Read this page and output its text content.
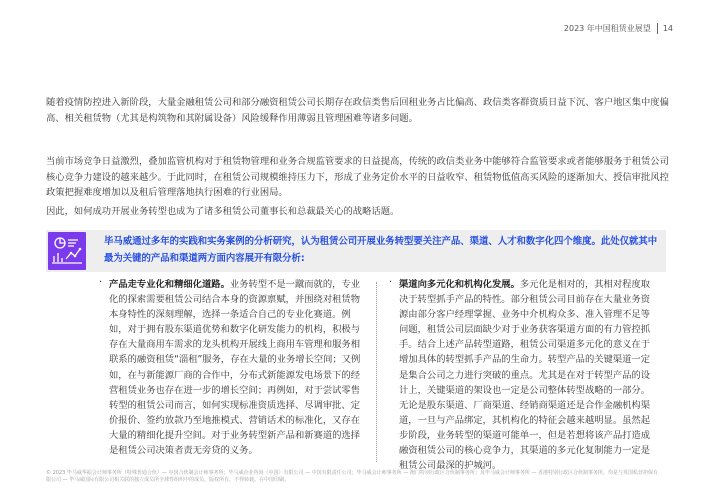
2023 年中国租赁业展望 14

随着疫情防控进入新阶段，大量金融租赁公司和部分融资租赁公司长期存在政信类售后回租业务占比偏高、政信类客群资质日益下沉、客户地区集中度偏高、相关租赁物（尤其是构筑物和其附属设备）风险缓释作用薄弱且管理困难等诸多问题。

当前市场竞争日益激烈，叠加监管机构对于租赁物管理和业务合规监管要求的日益提高，传统的政信类业务中能够符合监管要求或者能够服务于租赁公司核心竞争力建设的越来越少。于此同时，在租赁公司规模维持压力下，形成了业务定价水平的日益收窄、租赁物低值高买风险的逐渐加大、授信审批风控政策把握难度增加以及租后管理落地执行困难的行业困局。

因此，如何成功开展业务转型也成为了诸多租赁公司董事长和总裁最关心的战略话题。

毕马威通过多年的实践和实务案例的分析研究，认为租赁公司开展业务转型要关注产品、渠道、人才和数字化四个维度。此处仅就其中最为关键的产品和渠道两方面内容展开有限分析:
· 产品走专业化和精细化道路。业务转型不是一蹴而就的，专业化的探索需要租赁公司结合本身的资源禀赋，并围绕对租赁物本身特性的深刻理解，选择一条适合自己的专业化赛道。例如，对于拥有股东渠道优势和数字化研发能力的机构，积极与存在大量商用车需求的龙头机构开展线上商用车管理和服务相联系的融资租赁“淄租”服务，存在大量的业务增长空间；又例如，在与新能源厂商的合作中，分布式新能源发电场景下的经营租赁业务也存在进一步的增长空间；再例如，对于尝试零售转型的租赁公司而言，如何实现标准资质选择、尽调审批、定价报价、签约放款乃至地推模式、营销话术的标准化，又存在大量的精细化提升空间。对于业务转型新产品和新赛道的选择是租赁公司决策者责无旁贷的义务。
· 渠道向多元化和机构化发展。多元化是相对的，其相对程度取决于转型抓手产品的特性。部分租赁公司目前存在大量业务资源由部分客户经理掌握、业务中介机构众多、准入管理不足等问题，租赁公司层面缺少对于业务获客渠道方面的有力管控抓手。结合上述产品转型道路，租赁公司渠道多元化的意义在于增加具体的转型抓手产品的生命力。转型产品的关键渠道一定是集合公司之力进行突破的重点。尤其是在对于转型产品的设计上，关键渠道的架设也一定是公司整体转型战略的一部分。无论是股东渠道、厂商渠道、经销商渠道还是合作金融机构渠道，一旦与产品绑定，其机构化的特征会越来越明显。虽然起步阶段，业务转型的渠道可能单一，但是若想将该产品打造成融资租赁公司的核心竞争力，其渠道的多元化复制能力一定是租赁公司最深的护城河。
© 2023 毕马威华振会计师事务所（特殊普通合伙）— 中国合伙制会计师事务所；毕马威企业咨询（中国）有限公司 — 中国有限责任公司；毕马威会计师事务所 — 澳门特别行政区合伙制事务所；及毕马威会计师事务所 — 香港特别行政区合伙制事务所，均是与英国私营担保有限公司 — 毕马威国际有限公司相关联的独立成员所全球性组织中的成员。版权所有，不得转载。在中国印刷。
